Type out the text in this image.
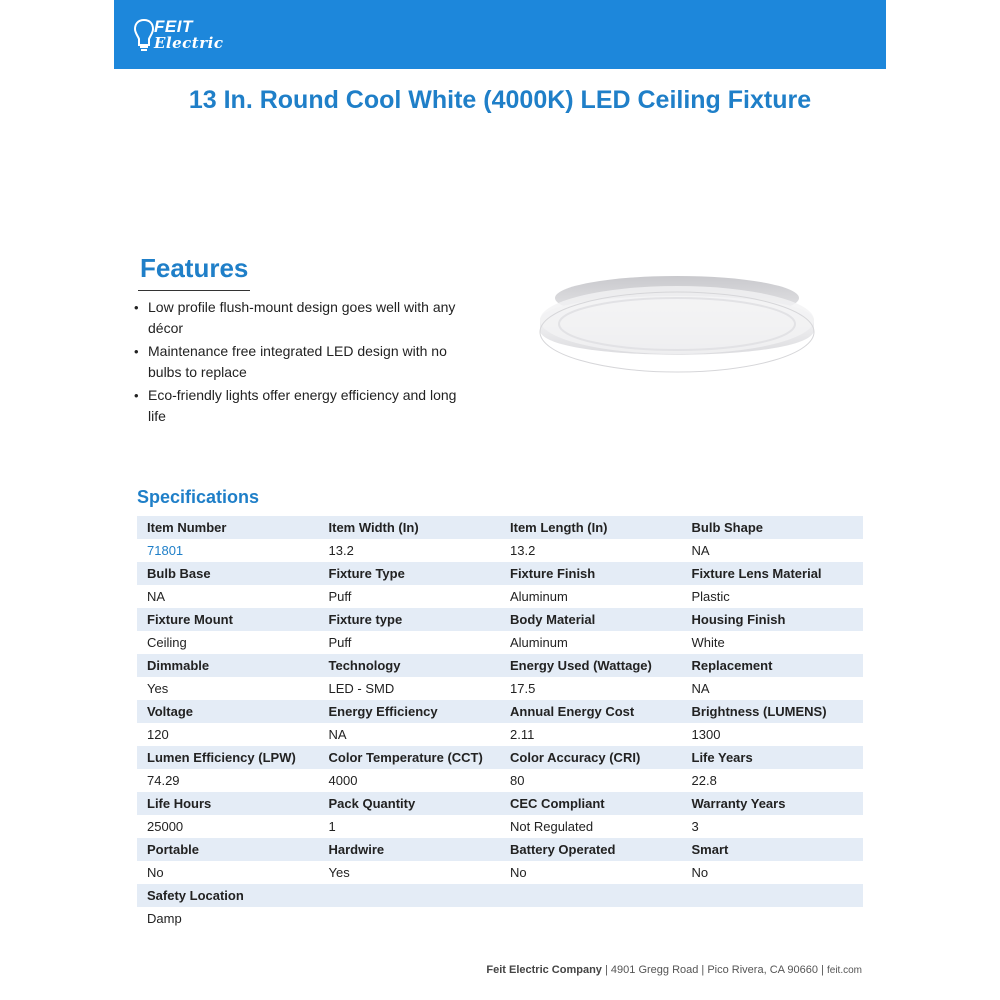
FEIT
Electric
13 In. Round Cool White (4000K) LED Ceiling Fixture
Features
• Low profile flush-mount design goes well with any décor
• Maintenance free integrated LED design with no bulbs to replace
• Eco-friendly lights offer energy efficiency and long life
Specifications
Item Number	Item Width (In)	Item Length (In)	Bulb Shape
71801	13.2	13.2	NA
Bulb Base	Fixture Type	Fixture Finish	Fixture Lens Material
NA	Puff	Aluminum	Plastic
Fixture Mount	Fixture type	Body Material	Housing Finish
Ceiling	Puff	Aluminum	White
Dimmable	Technology	Energy Used (Wattage)	Replacement
Yes	LED - SMD	17.5	NA
Voltage	Energy Efficiency	Annual Energy Cost	Brightness (LUMENS)
120	NA	2.11	1300
Lumen Efficiency (LPW)	Color Temperature (CCT)	Color Accuracy (CRI)	Life Years
74.29	4000	80	22.8
Life Hours	Pack Quantity	CEC Compliant	Warranty Years
25000	1	Not Regulated	3
Portable	Hardwire	Battery Operated	Smart
No	Yes	No	No
Safety Location
Damp
Feit Electric Company | 4901 Gregg Road | Pico Rivera, CA 90660 | feit.com
